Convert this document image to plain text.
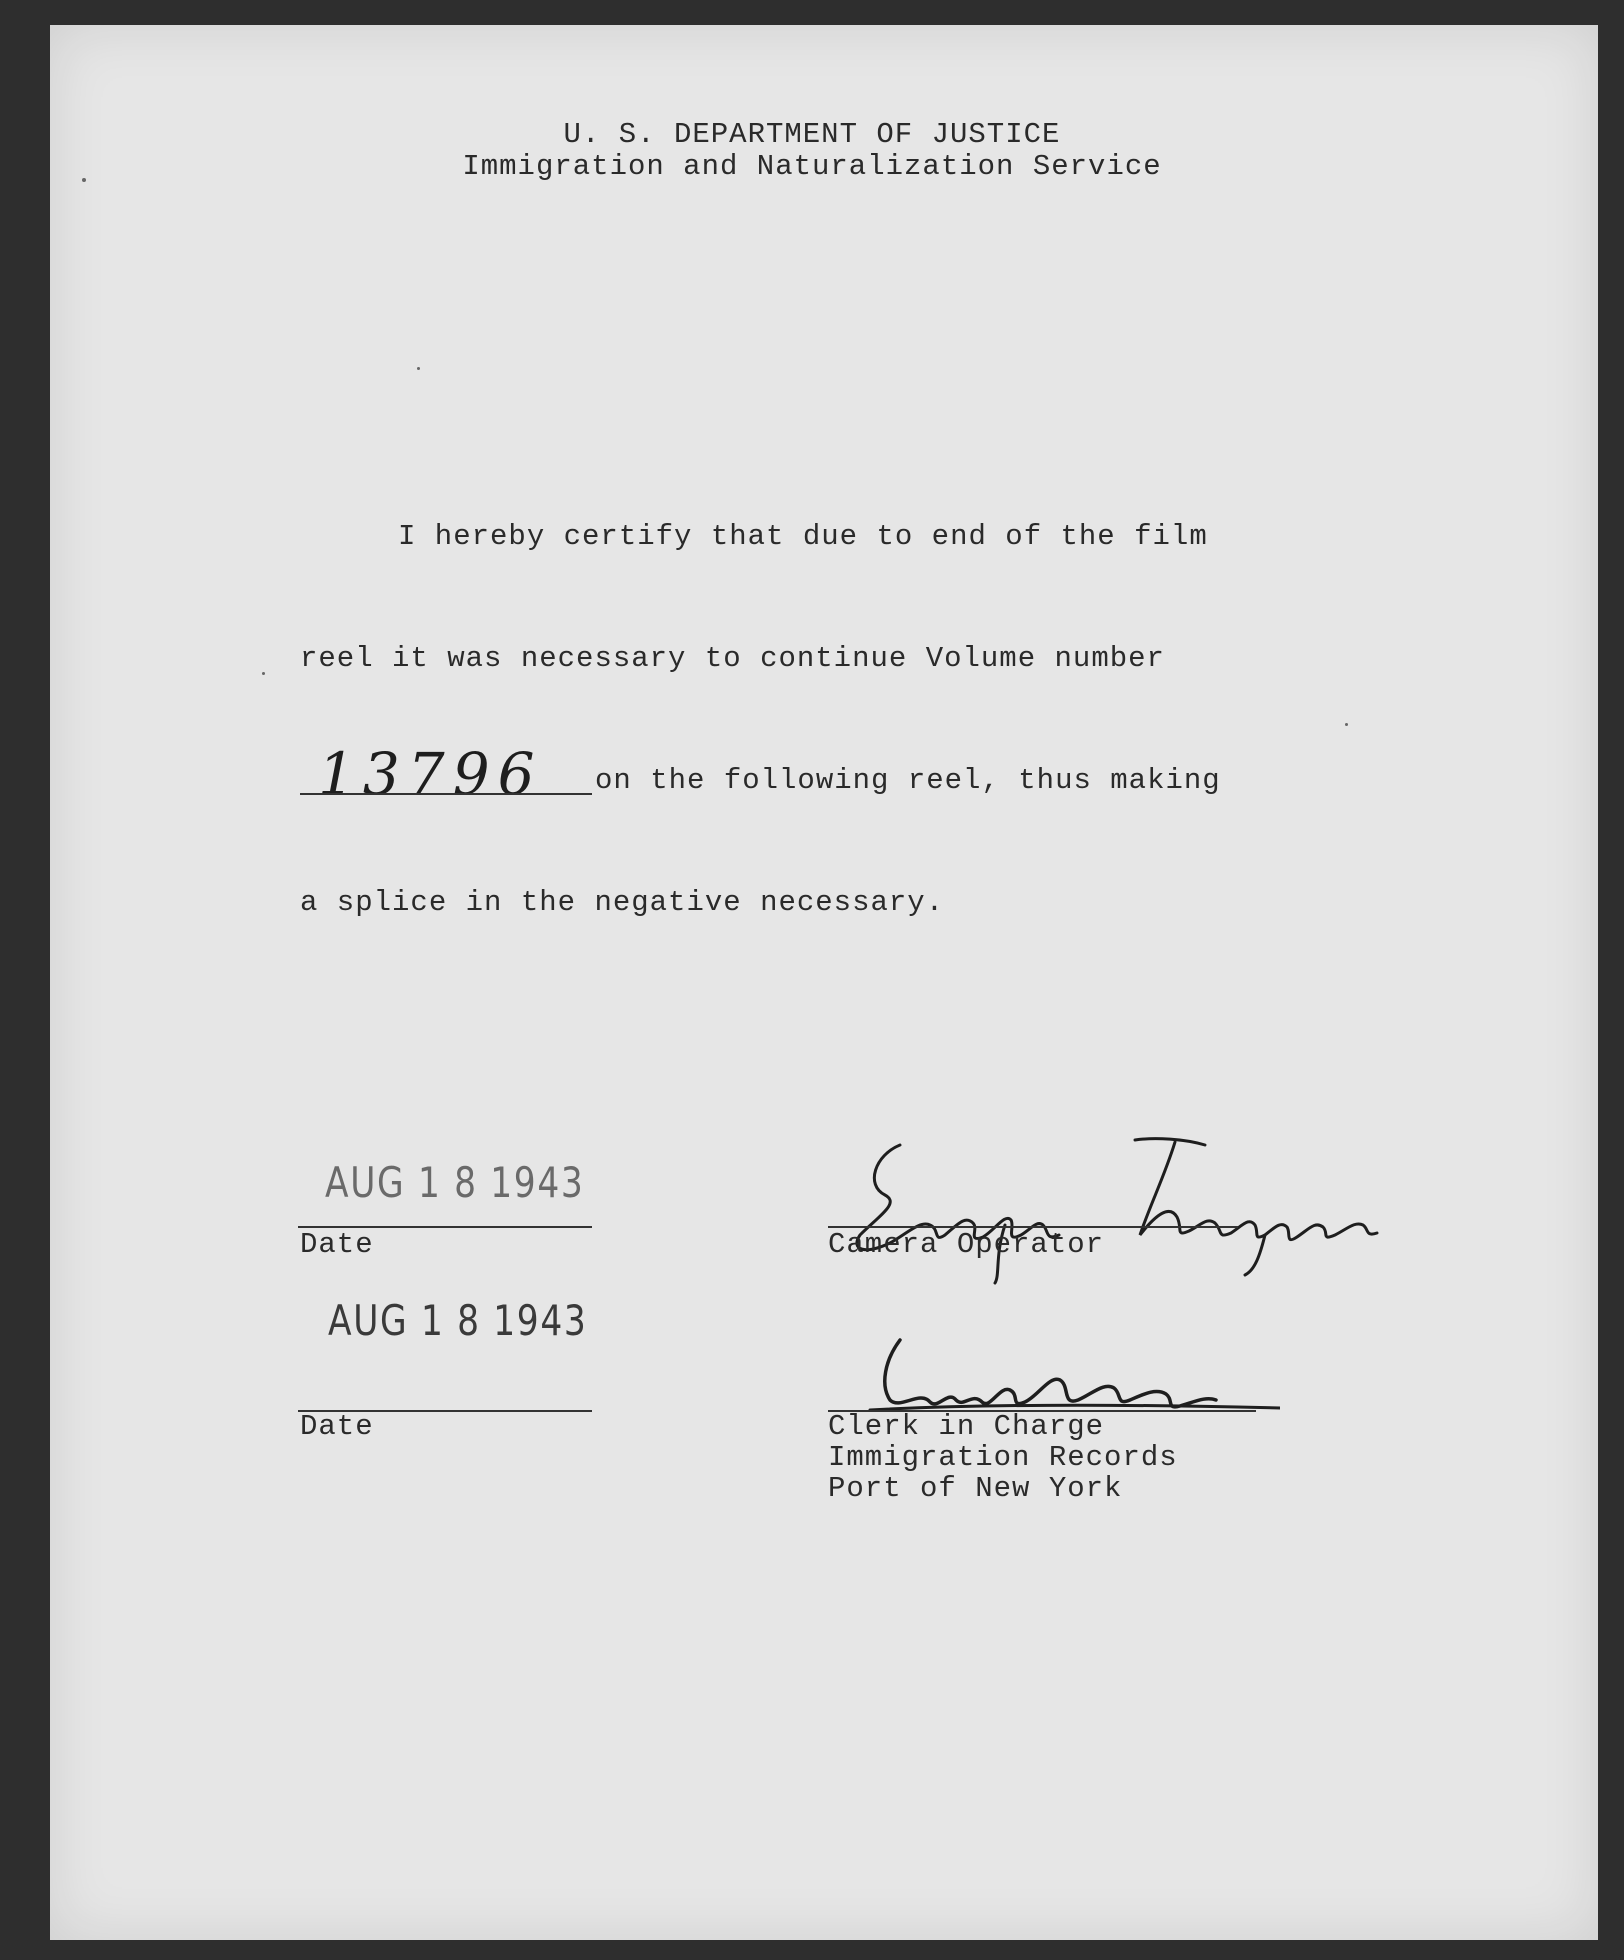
U. S. DEPARTMENT OF JUSTICE
Immigration and Naturalization Service
I hereby certify that due to end of the film
reel it was necessary to continue Volume number
13796 on the following reel, thus making
a splice in the negative necessary.
AUG 1 8 1943
Date	Camera Operator
AUG 1 8 1943
Date	Clerk in Charge
Immigration Records
Port of New York
